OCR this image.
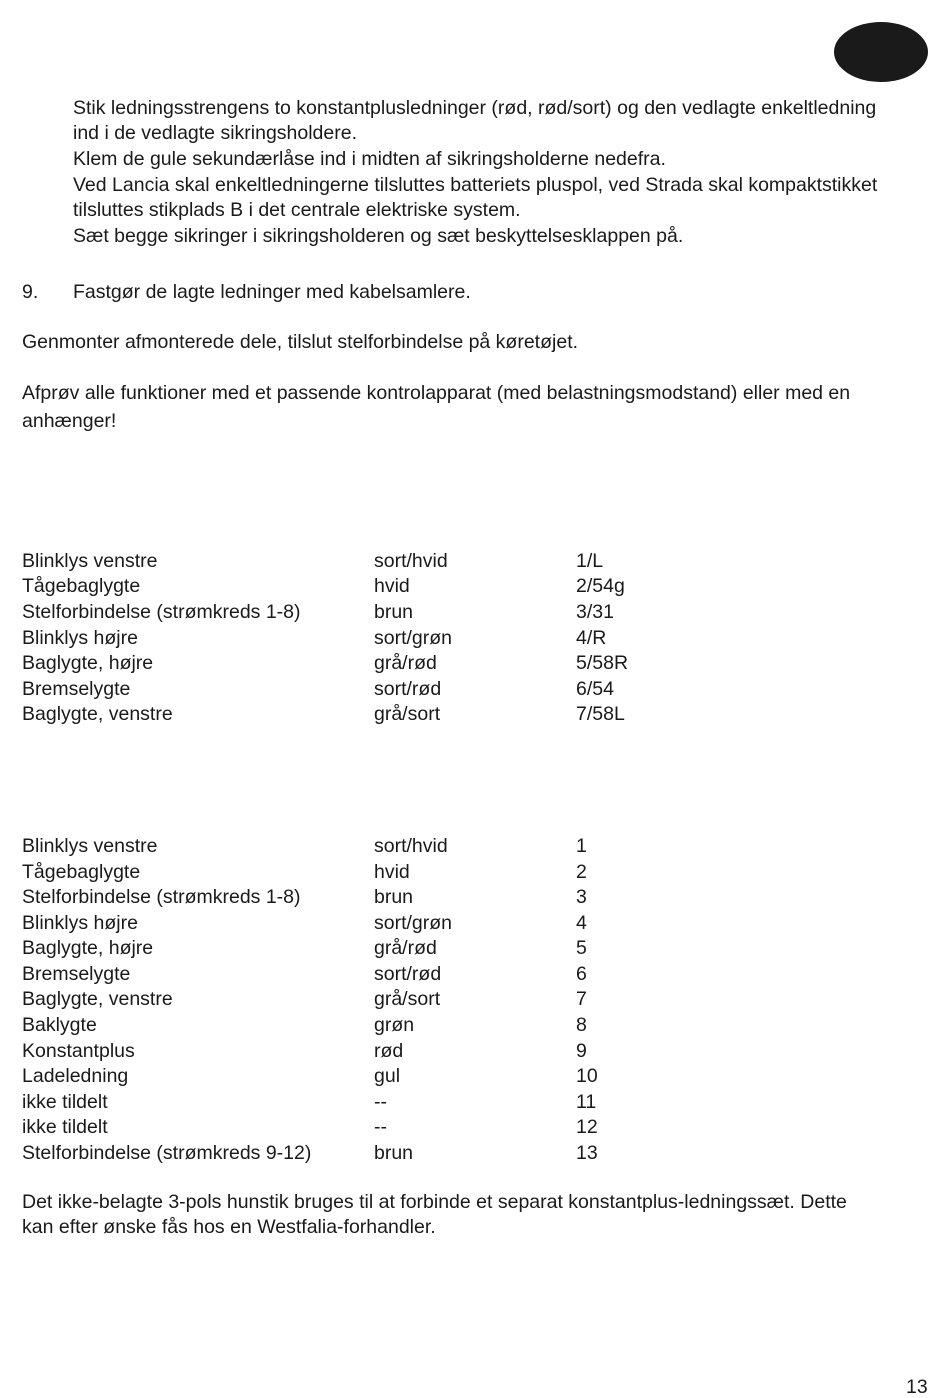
Stik ledningsstrengens to konstantplusledninger (rød, rød/sort) og den vedlagte enkeltledning
ind i de vedlagte sikringsholdere.
Klem de gule sekundærlåse ind i midten af sikringsholderne nedefra.
Ved Lancia skal enkeltledningerne tilsluttes batteriets pluspol, ved Strada skal kompaktstikket
tilsluttes stikplads B i det centrale elektriske system.
Sæt begge sikringer i sikringsholderen og sæt beskyttelsesklappen på.
9. Fastgør de lagte ledninger med kabelsamlere.
Genmonter afmonterede dele, tilslut stelforbindelse på køretøjet.
Afprøv alle funktioner med et passende kontrolapparat (med belastningsmodstand) eller med en
anhænger!
Blinklys venstre	sort/hvid	1/L
Tågebaglygte	hvid	2/54g
Stelforbindelse (strømkreds 1-8)	brun	3/31
Blinklys højre	sort/grøn	4/R
Baglygte, højre	grå/rød	5/58R
Bremselygte	sort/rød	6/54
Baglygte, venstre	grå/sort	7/58L
Blinklys venstre	sort/hvid	1
Tågebaglygte	hvid	2
Stelforbindelse (strømkreds 1-8)	brun	3
Blinklys højre	sort/grøn	4
Baglygte, højre	grå/rød	5
Bremselygte	sort/rød	6
Baglygte, venstre	grå/sort	7
Baklygte	grøn	8
Konstantplus	rød	9
Ladeledning	gul	10
ikke tildelt	--	11
ikke tildelt	--	12
Stelforbindelse (strømkreds 9-12)	brun	13
Det ikke-belagte 3-pols hunstik bruges til at forbinde et separat konstantplus-ledningssæt. Dette
kan efter ønske fås hos en Westfalia-forhandler.
13
